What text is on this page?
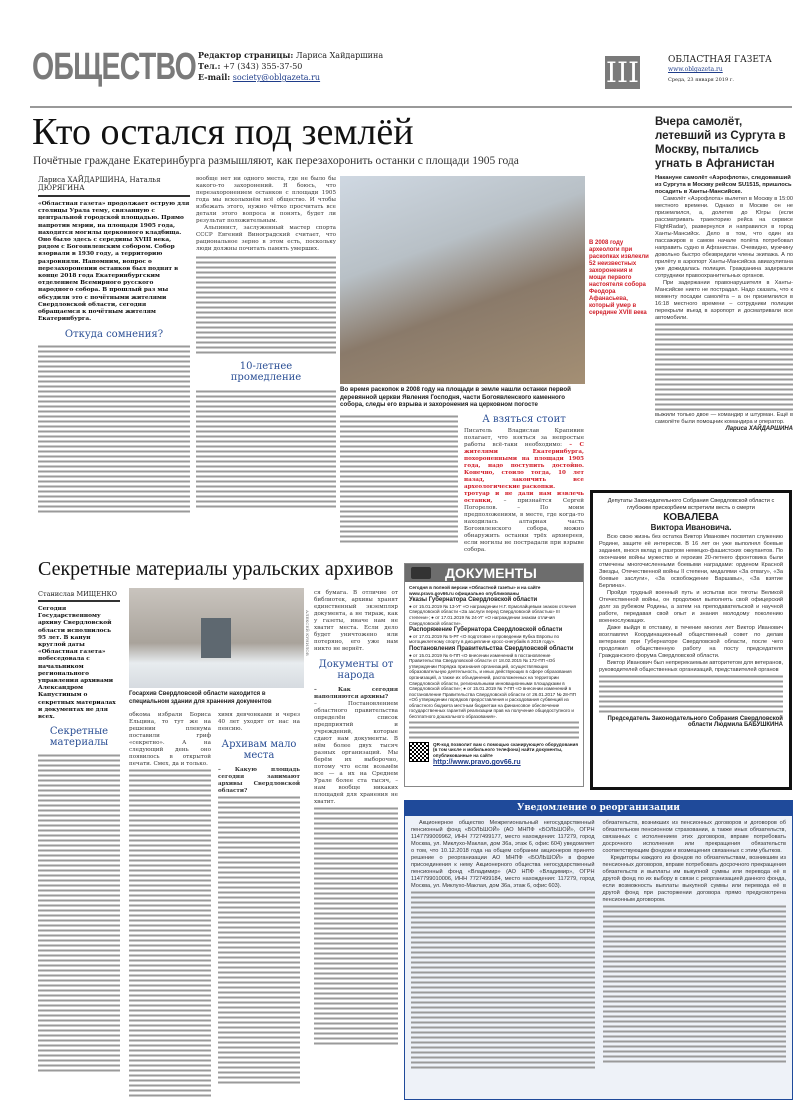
ОБЩЕСТВО Редактор страницы: Лариса Хайдаршина
Тел.: +7 (343) 355-37-50
E-mail: society@oblgazeta.ru	III	ОБЛАСТНАЯ ГАЗЕТА
www.oblgazeta.ru
Среда, 23 января 2019 г.
Кто остался под землёй
Почётные граждане Екатеринбурга размышляют, как перезахоронить останки с площади 1905 года
Лариса ХАЙДАРШИНА, Наталья ДЮРЯГИНА
«Областная газета» продолжает острую для столицы Урала тему, связанную с центральной городской площадью. Прямо напротив мэрии, на площади 1905 года, находятся могилы церковного кладбища. Оно было здесь с середины XVIII века, рядом с Богоявленским собором. Собор взорвали в 1930 году, а территорию разровняли. Напомним, вопрос о перезахоронении останков был поднят в конце 2018 года Екатеринбургским отделением Всемирного русского народного собора. В прошлый раз мы обсудили это с почётными жителями Свердловской области, сегодня обращаемся к почётным жителям Екатеринбурга.
Откуда сомнения?
вообще нет ни одного места, где не было бы какого-то захоронений. Я боюсь, что перезахоронением останков с площади 1905 года мы всколыхнём всё общество. И чтобы избежать этого, нужно чётко просчитать все детали этого вопроса и понять, будет ли результат положительным.
Альпинист, заслуженный мастер спорта СССР Евгений Виноградский считает, что рациональное зерно в этом есть, поскольку люди должны почитать память умерших.
10-летнее промедление
Во время раскопок в 2008 году на площади в земле нашли останки первой деревянной церкви Явления Господня, части Богоявленского каменного собора, следы его взрыва и захоронения на церковном погосте
А взяться стоит
Писатель Владислав Крапивин полагает, что взяться за непростые работы всё-таки необходимо: – С жителями Екатеринбурга, похороненными на площади 1905 года, надо поступить достойно. Конечно, стоило тогда, 10 лет назад, закончить все археологические раскопки.
тротуар и не дали нам извлечь останки, – признаётся Сергей Погорелов. – По моим предположениям, в месте, где когда-то находилась алтарная часть Богоявленского собора, можно обнаружить останки трёх архиереев, если могилы не пострадали при взрыве собора.
В 2008 году археологи при раскопках извлекли 52 неизвестных захоронения и мощи первого настоятеля собора Феодора Афанасьева, который умер в середине XVIII века
Вчера самолёт, летевший из Сургута в Москву, пытались угнать в Афганистан
Накануне самолёт «Аэрофлота», следовавший из Сургута в Москву рейсом SU1515, пришлось посадить в Ханты-Мансийске.
Самолёт «Аэрофлота» вылетел в Москву в 15:00 местного времени. Однако в Москве он не приземлился, а, долетев до Югры (если рассматривать траекторию рейса на сервисе FlightRadar), развернулся и направился в город Ханты-Мансийск. Дело в том, что один из пассажиров в самом начале полёта потребовал направить судно в Афганистан. Очевидно, мужчину довольно быстро обезвредили члены экипажа. А по прилёту в аэропорт Ханты-Мансийска авиахулигана уже дожидалась полиция. Гражданина задержали сотрудники правоохранительных органов.
При задержании правонарушителя в Ханты-Мансийске никто не пострадал. Надо сказать, что к моменту посадки самолёта – а он приземлился в 16:18 местного времени – сотрудники полиции перекрыли въезд в аэропорт и досматривали все автомобили.
выжили только двое — командир и штурман. Ещё в самолёте были помощник командира и оператор.
Лариса ХАЙДАРШИНА
Депутаты Законодательного Собрания Свердловской области с глубоким прискорбием встретили весть о смерти
КОВАЛЕВА
Виктора Ивановича.
Всю свою жизнь без остатка Виктор Иванович посвятил служению Родине, защите её интересов. В 16 лет он уже выполнял боевые задания, внося вклад в разгром немецко-фашистских оккупантов. По окончании войны мужество и героизм 20-летнего фронтовика были отмечены многочисленными боевыми наградами: орденом Красной Звезды, Отечественной войны II степени, медалями «За отвагу», «За боевые заслуги», «За освобождение Варшавы», «За взятие Берлина».
Пройдя трудный военный путь и испытав все тяготы Великой Отечественной войны, он продолжил выполнять свой офицерский долг за рубежом Родины, а затем на преподавательской и научной работе, передавая свой опыт и знания молодому поколению военнослужащих.
Даже выйдя в отставку, в течение многих лет Виктор Иванович возглавлял Координационный общественный совет по делам ветеранов при Губернаторе Свердловской области, после чего продолжил общественную работу на посту председателя Гражданского форума Свердловской области.
Виктор Иванович был непререкаемым авторитетом для ветеранов, руководителей общественных организаций, представителей органов
Председатель Законодательного Собрания Свердловской области Людмила БАБУШКИНА
Секретные материалы уральских архивов
Станислав МИЩЕНКО
Сегодня Государственному архиву Свердловской области исполнилось 95 лет. В канун круглой даты «Областная газета» побеседовала с начальником регионального управления архивами Александром Капустиным о секретных материалах и документах не для всех.
Секретные материалы
АЛЕКСЕЙ КУНИЛОВ
Госархив Свердловской области находится в специальном здании для хранения документов
обкома избрали Бориса Ельцина, то тут же на решении пленума поставили гриф «секретно». А на следующий день оно появилось в открытой печати. Смех, да и только.
химя девчонками и через 40 лет уходят от нас на пенсию.
Архивам мало места
– Какую площадь сегодня занимают архивы Свердловской области?
ся бумага. В отличие от библиотек, архивы хранят единственный экземпляр документа, а не тираж, как у газеты, иначе нам не хватит места. Если дело будет уничтожено или потеряно, его уже нам никто не вернёт.
Документы от народа
– Как сегодня наполняются архивы?
– Постановлением областного правительства определён список предприятий и учреждений, которые сдают нам документы. В нём более двух тысяч разных организаций. Мы берём их выборочно, потому что если возьмём все — а их на Среднем Урале более ста тысяч, – нам вообще никаких площадей для хранения не хватит.
ДОКУМЕНТЫ
Сегодня в полной версии «Областной газеты» и на сайте www.pravo.gov66.ru официально опубликованы
Указы Губернатора Свердловской области
● от 15.01.2019 № 13-УГ «О награждении Н.Г. Ермолайцевым знаком отличия Свердловской области «За заслуги перед Свердловской областью» III степени»; ● от 17.01.2019 № 24-УГ «О награждении знаком отличия Свердловской области».
Распоряжение Губернатора Свердловской области
● от 17.01.2019 № 5-РГ «О подготовке и проведении Кубка Европы по мотоциклетному спорту в дисциплине кросс-снегубайк в 2019 году».
Постановления Правительства Свердловской области
● от 15.01.2019 № 6-ПП «О внесении изменений в постановление Правительства Свердловской области от 18.02.2015 № 172-ПП «Об утверждении Порядка признания организаций, осуществляющих образовательную деятельность, и иных действующих в сфере образования организаций, а также их объединений, расположенных на территории Свердловской области, региональными инновационными площадками в Свердловской области»; ● от 15.01.2019 № 7-ПП «О внесении изменений в постановление Правительства Свердловской области от 26.01.2017 № 28-ПП «Об утверждении порядков предоставления и расходования субвенций из областного бюджета местным бюджетам на финансовое обеспечение государственных гарантий реализации прав на получение общедоступного и бесплатного дошкольного образования».
QR-код позволит вам с помощью сканирующего оборудования (в том числе и мобильного телефона) найти документы, опубликованные на сайте
http://www.pravo.gov66.ru
Уведомление о реорганизации
Акционерное общество Межрегиональный негосударственный пенсионный фонд «БОЛЬШОЙ» (АО МНПФ «БОЛЬШОЙ», ОГРН 1147799009962, ИНН 7727499177, место нахождения: 117279, город Москва, ул. Миклухо-Маклая, дом 36а, этаж 6, офис 604) уведомляет о том, что 10.12.2018 года на общем собрании акционеров принято решение о реорганизации АО МНПФ «БОЛЬШОЙ» в форме присоединения к нему Акционерного общества негосударственный пенсионный фонд «Владимир» (АО НПФ «Владимир», ОГРН 1147799010006, ИНН 7727499184, место нахождения: 117279, город Москва, ул. Миклухо-Маклая, дом 36а, этаж 6, офис 603).
обязательств, возникших из пенсионных договоров и договоров об обязательном пенсионном страховании, а также иных обязательств, связанных с исполнением этих договоров, вправе потребовать досрочного исполнения или прекращения обязательств соответствующим фондом и возмещения связанных с этим убытков.
Кредиторы каждого из фондов по обязательствам, возникшим из пенсионных договоров, вправе потребовать досрочного прекращения обязательств и выплаты им выкупной суммы или перевода её в другой фонд по их выбору в связи с реорганизацией данного фонда, если возможность выплаты выкупной суммы или перевода её в другой фонд при расторжении договора прямо предусмотрена пенсионным договором.
